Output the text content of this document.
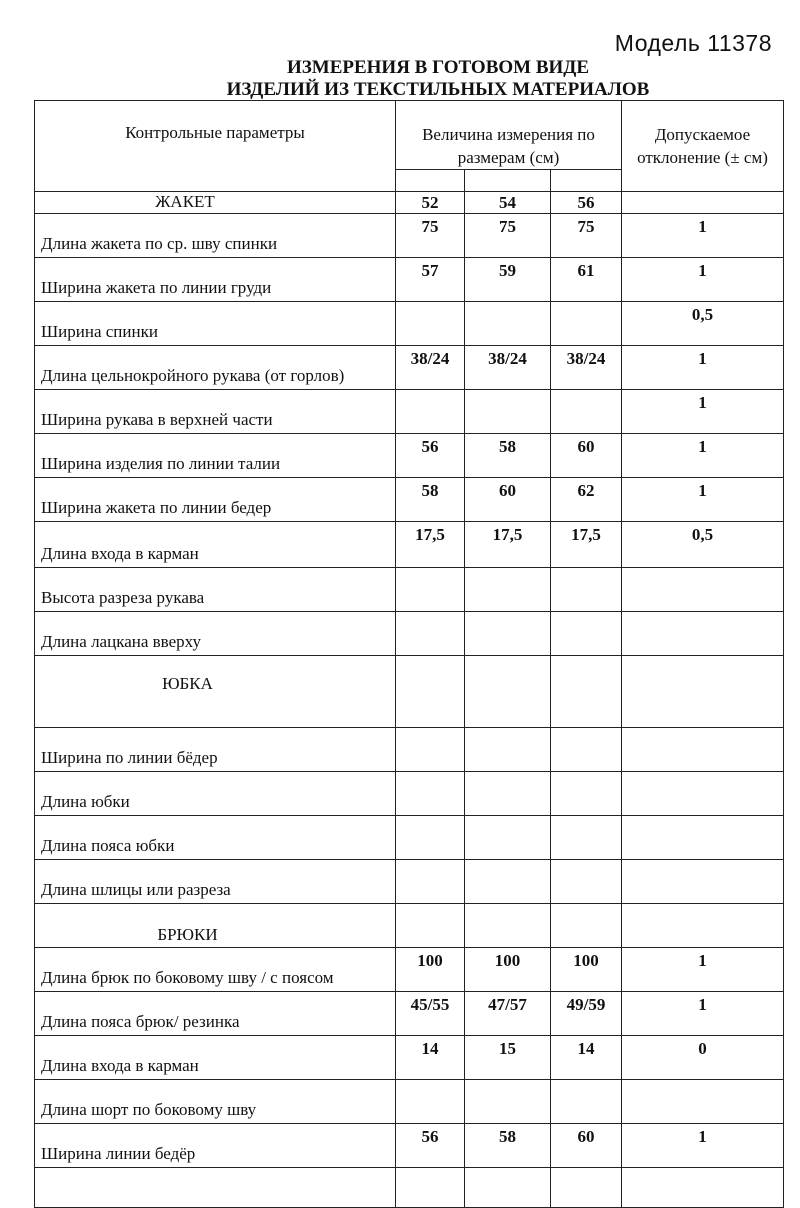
Модель 11378
ИЗМЕРЕНИЯ В ГОТОВОМ ВИДЕ
ИЗДЕЛИЙ ИЗ ТЕКСТИЛЬНЫХ МАТЕРИАЛОВ
Контрольные параметры	Величина измерения по размерам (см)			Допускаемое отклонение (± см)

ЖАКЕТ	52	54	56	
Длина жакета по ср. шву спинки	75	75	75	1
Ширина жакета по линии груди	57	59	61	1
Ширина спинки				0,5
Длина цельнокройного рукава (от горлов)	38/24	38/24	38/24	1
Ширина рукава в верхней части				1
Ширина изделия по линии талии	56	58	60	1
Ширина жакета по линии бедер	58	60	62	1
Длина входа в карман	17,5	17,5	17,5	0,5
Высота разреза рукава				
Длина лацкана вверху				

ЮБКА				

Ширина по линии бёдер				
Длина юбки				
Длина пояса юбки				
Длина шлицы или разреза				

БРЮКИ				

Длина брюк по боковому шву / с поясом	100	100	100	1
Длина пояса брюк/ резинка	45/55	47/57	49/59	1
Длина входа в карман	14	15	14	0
Длина шорт по боковому шву				
Ширина линии бедёр	56	58	60	1
